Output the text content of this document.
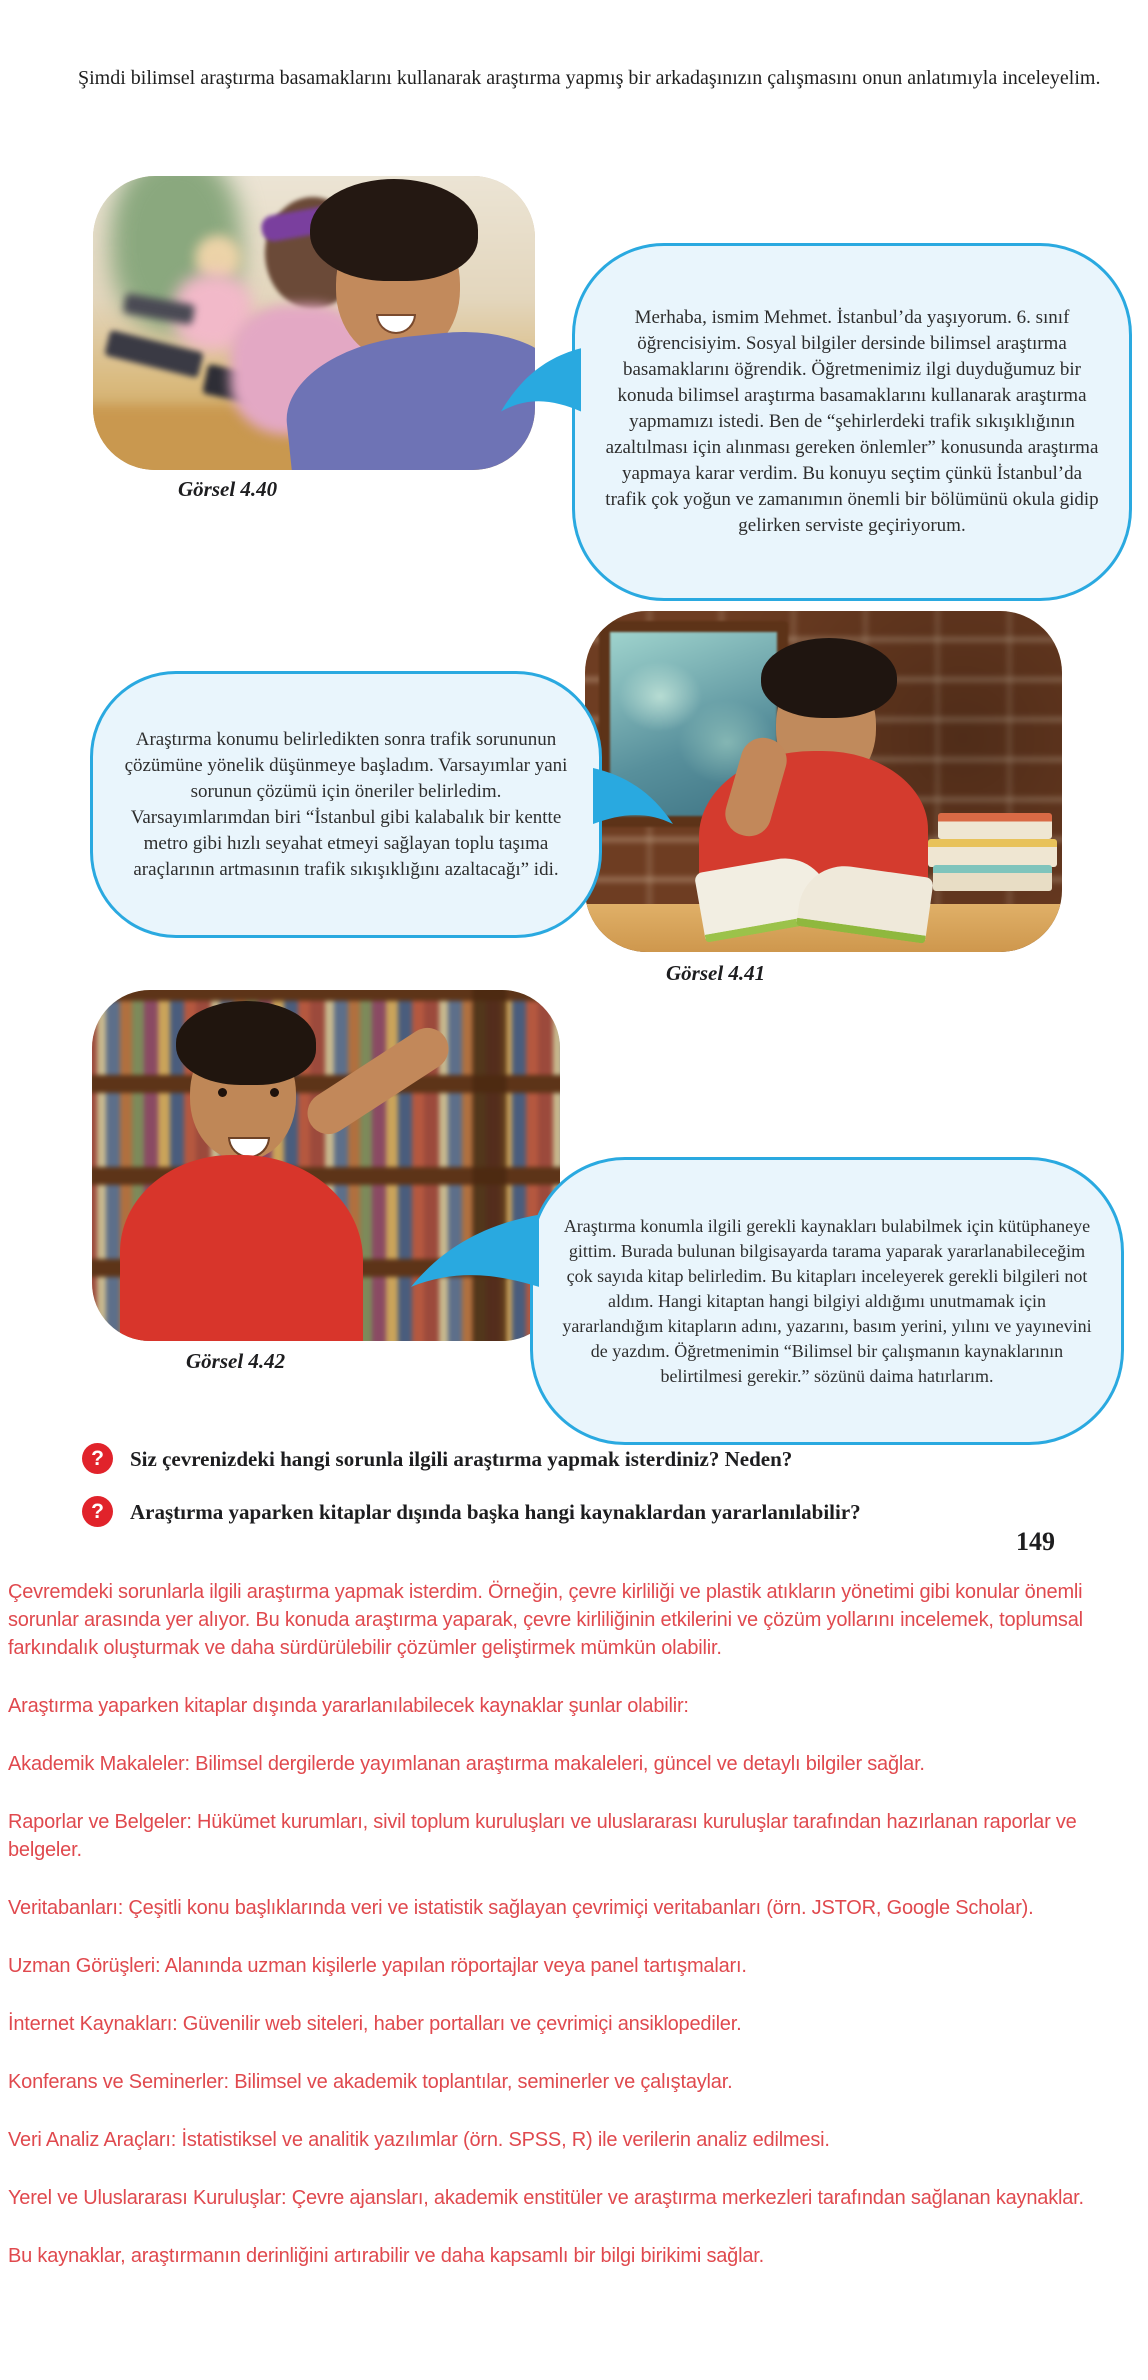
Şimdi bilimsel araştırma basamaklarını kullanarak araştırma yapmış bir arkadaşınızın çalışmasını onun anlatımıyla inceleyelim.

Görsel 4.40

Merhaba, ismim Mehmet. İstanbul’da yaşıyorum. 6. sınıf öğrencisiyim. Sosyal bilgiler dersinde bilimsel araştırma basamaklarını öğrendik. Öğretmenimiz ilgi duyduğumuz bir konuda bilimsel araştırma basamaklarını kullanarak araştırma yapmamızı istedi. Ben de “şehirlerdeki trafik sıkışıklığının azaltılması için alınması gereken önlemler” konusunda araştırma yapmaya karar verdim. Bu konuyu seçtim çünkü İstanbul’da trafik çok yoğun ve zamanımın önemli bir bölümünü okula gidip gelirken serviste geçiriyorum.

Görsel 4.41

Araştırma konumu belirledikten sonra trafik sorununun çözümüne yönelik düşünmeye başladım. Varsayımlar yani sorunun çözümü için öneriler belirledim. Varsayımlarımdan biri “İstanbul gibi kalabalık bir kentte metro gibi hızlı seyahat etmeyi sağlayan toplu taşıma araçlarının artmasının trafik sıkışıklığını azaltacağı” idi.

Görsel 4.42

Araştırma konumla ilgili gerekli kaynakları bulabilmek için kütüphaneye gittim. Burada bulunan bilgisayarda tarama yaparak yararlanabileceğim çok sayıda kitap belirledim. Bu kitapları inceleyerek gerekli bilgileri not aldım. Hangi kitaptan hangi bilgiyi aldığımı unutmamak için yararlandığım kitapların adını, yazarını, basım yerini, yılını ve yayınevini de yazdım. Öğretmenimin “Bilimsel bir çalışmanın kaynaklarının belirtilmesi gerekir.” sözünü daima hatırlarım.

?	Siz çevrenizdeki hangi sorunla ilgili araştırma yapmak isterdiniz? Neden?
?	Araştırma yaparken kitaplar dışında başka hangi kaynaklardan yararlanılabilir?
149

Çevremdeki sorunlarla ilgili araştırma yapmak isterdim. Örneğin, çevre kirliliği ve plastik atıkların yönetimi gibi konular önemli sorunlar arasında yer alıyor. Bu konuda araştırma yaparak, çevre kirliliğinin etkilerini ve çözüm yollarını incelemek, toplumsal farkındalık oluşturmak ve daha sürdürülebilir çözümler geliştirmek mümkün olabilir.

Araştırma yaparken kitaplar dışında yararlanılabilecek kaynaklar şunlar olabilir:

Akademik Makaleler: Bilimsel dergilerde yayımlanan araştırma makaleleri, güncel ve detaylı bilgiler sağlar.

Raporlar ve Belgeler: Hükümet kurumları, sivil toplum kuruluşları ve uluslararası kuruluşlar tarafından hazırlanan raporlar ve belgeler.

Veritabanları: Çeşitli konu başlıklarında veri ve istatistik sağlayan çevrimiçi veritabanları (örn. JSTOR, Google Scholar).

Uzman Görüşleri: Alanında uzman kişilerle yapılan röportajlar veya panel tartışmaları.

İnternet Kaynakları: Güvenilir web siteleri, haber portalları ve çevrimiçi ansiklopediler.

Konferans ve Seminerler: Bilimsel ve akademik toplantılar, seminerler ve çalıştaylar.

Veri Analiz Araçları: İstatistiksel ve analitik yazılımlar (örn. SPSS, R) ile verilerin analiz edilmesi.

Yerel ve Uluslararası Kuruluşlar: Çevre ajansları, akademik enstitüler ve araştırma merkezleri tarafından sağlanan kaynaklar.

Bu kaynaklar, araştırmanın derinliğini artırabilir ve daha kapsamlı bir bilgi birikimi sağlar.
